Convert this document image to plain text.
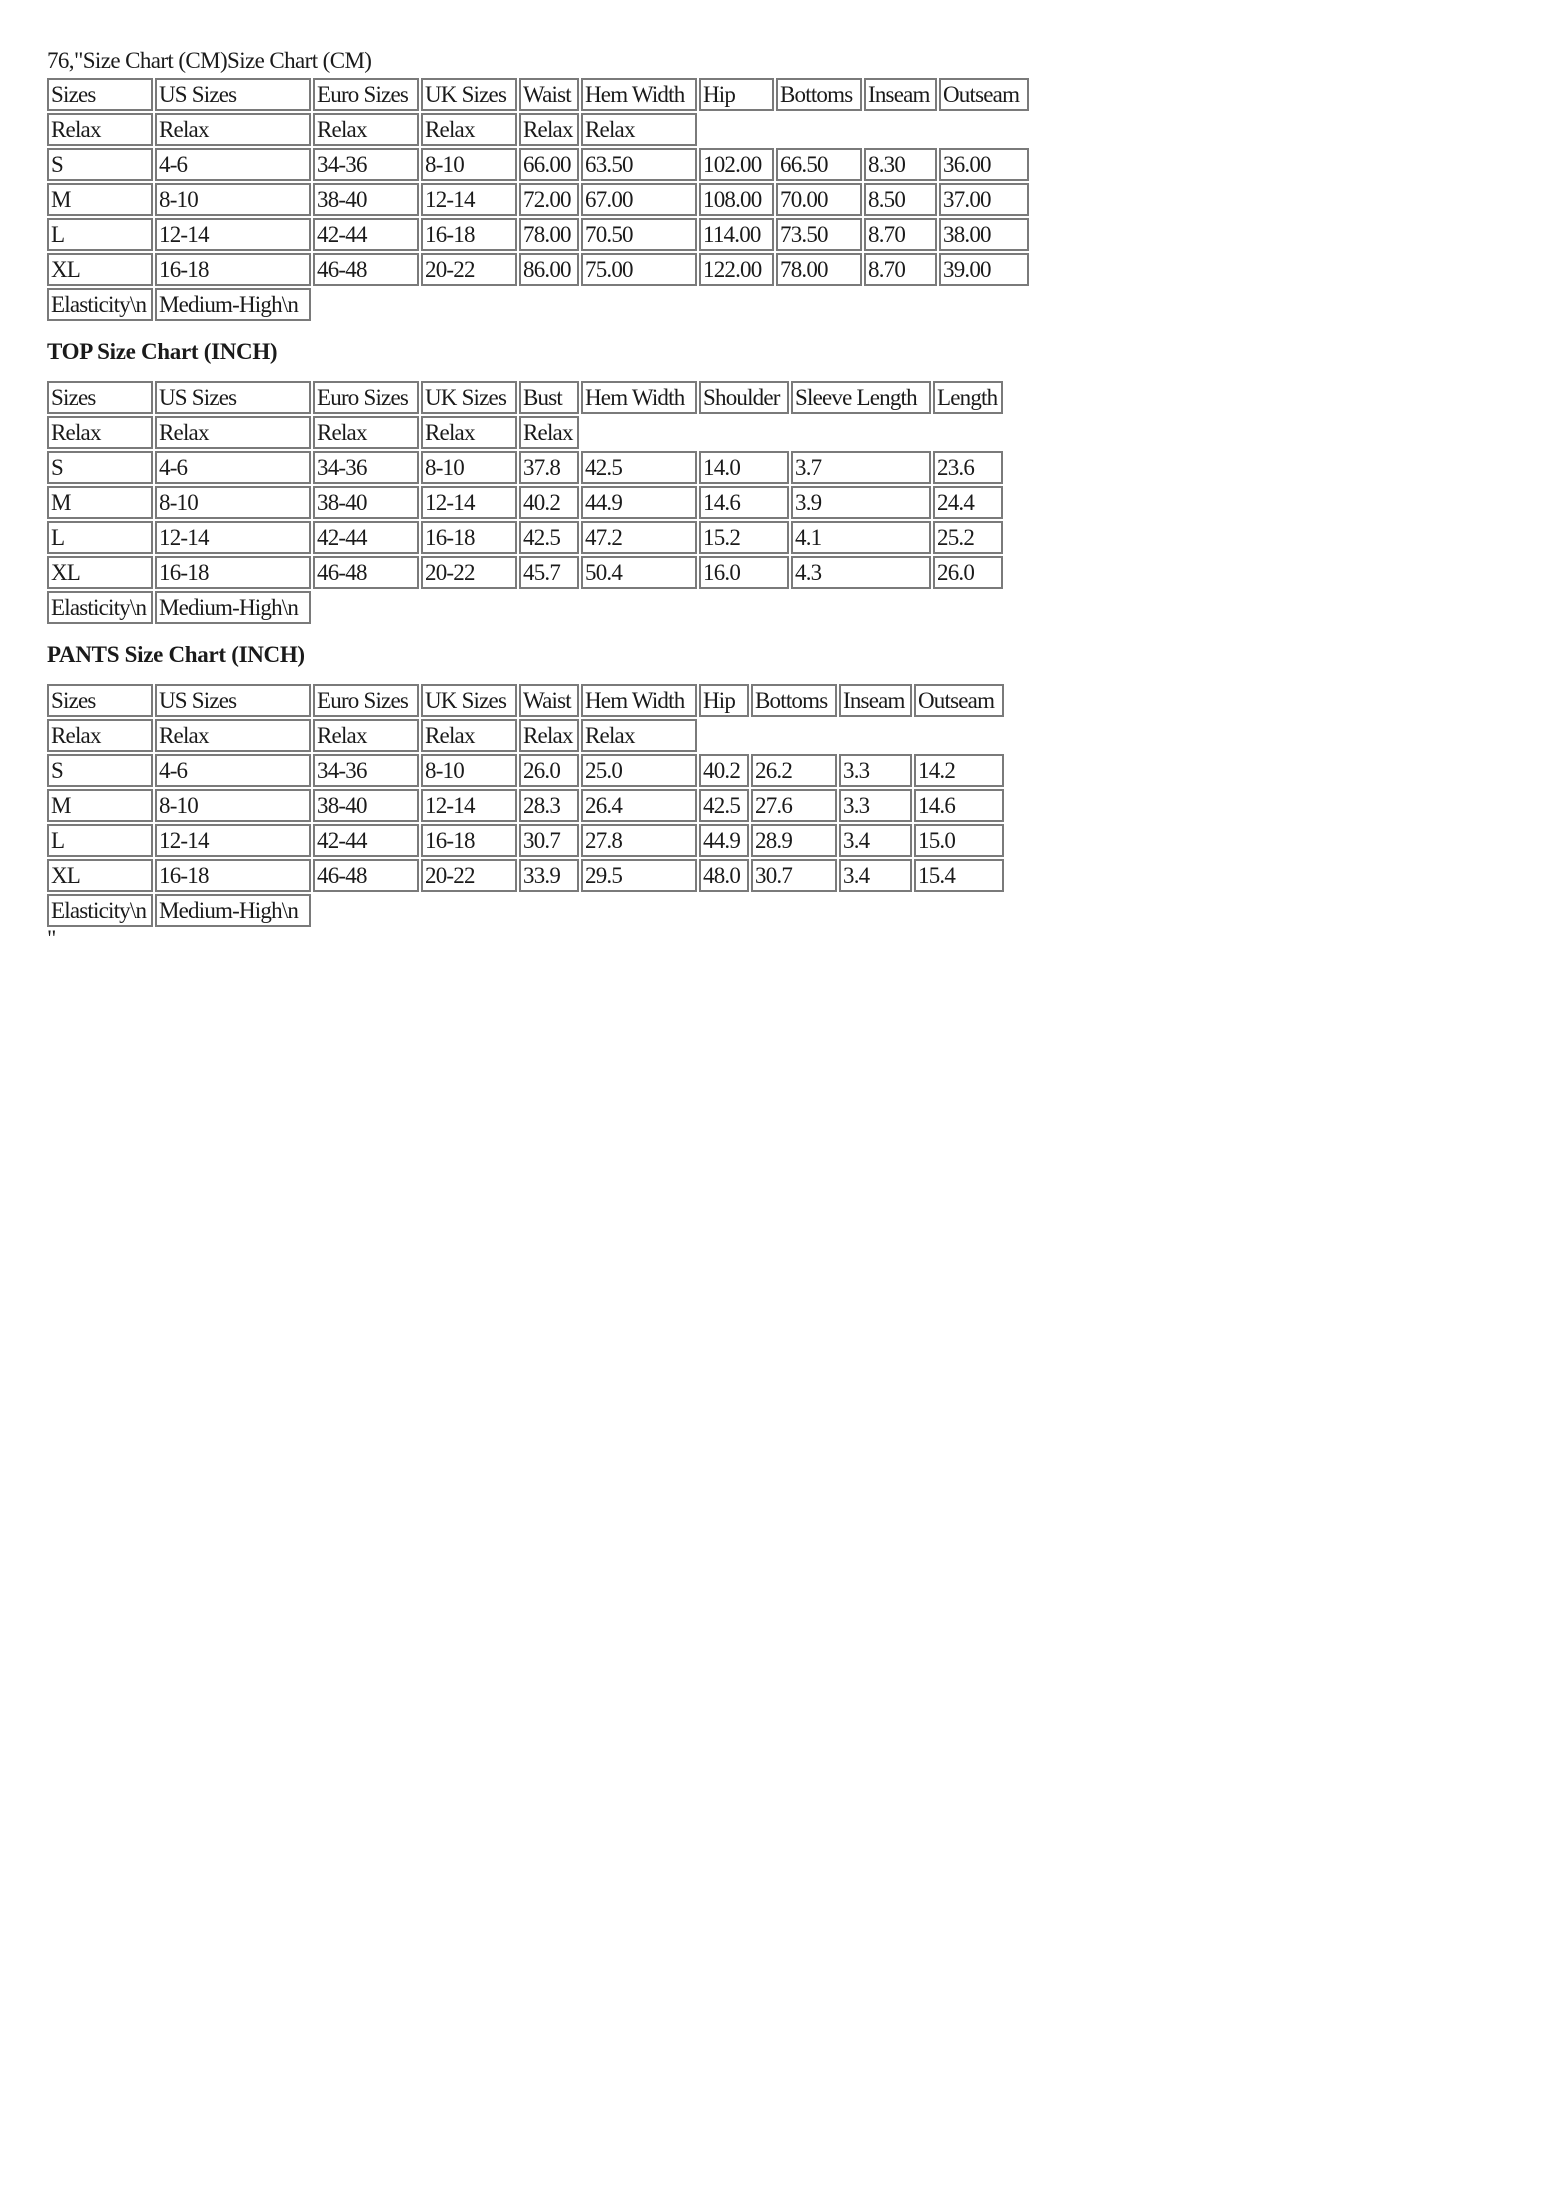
76,"Size Chart (CM)Size Chart (CM)
Sizes	US Sizes	Euro Sizes	UK Sizes	Waist	Hem Width	Hip	Bottoms	Inseam	Outseam
Relax	Relax	Relax	Relax	Relax	Relax				
S	4-6	34-36	8-10	66.00	63.50	102.00	66.50	8.30	36.00
M	8-10	38-40	12-14	72.00	67.00	108.00	70.00	8.50	37.00
L	12-14	42-44	16-18	78.00	70.50	114.00	73.50	8.70	38.00
XL	16-18	46-48	20-22	86.00	75.00	122.00	78.00	8.70	39.00
Elasticity\n	Medium-High\n								
TOP Size Chart (INCH)
Sizes	US Sizes	Euro Sizes	UK Sizes	Bust	Hem Width	Shoulder	Sleeve Length	Length
Relax	Relax	Relax	Relax	Relax				
S	4-6	34-36	8-10	37.8	42.5	14.0	3.7	23.6
M	8-10	38-40	12-14	40.2	44.9	14.6	3.9	24.4
L	12-14	42-44	16-18	42.5	47.2	15.2	4.1	25.2
XL	16-18	46-48	20-22	45.7	50.4	16.0	4.3	26.0
Elasticity\n	Medium-High\n							
PANTS Size Chart (INCH)
Sizes	US Sizes	Euro Sizes	UK Sizes	Waist	Hem Width	Hip	Bottoms	Inseam	Outseam
Relax	Relax	Relax	Relax	Relax	Relax				
S	4-6	34-36	8-10	26.0	25.0	40.2	26.2	3.3	14.2
M	8-10	38-40	12-14	28.3	26.4	42.5	27.6	3.3	14.6
L	12-14	42-44	16-18	30.7	27.8	44.9	28.9	3.4	15.0
XL	16-18	46-48	20-22	33.9	29.5	48.0	30.7	3.4	15.4
Elasticity\n	Medium-High\n								
"
